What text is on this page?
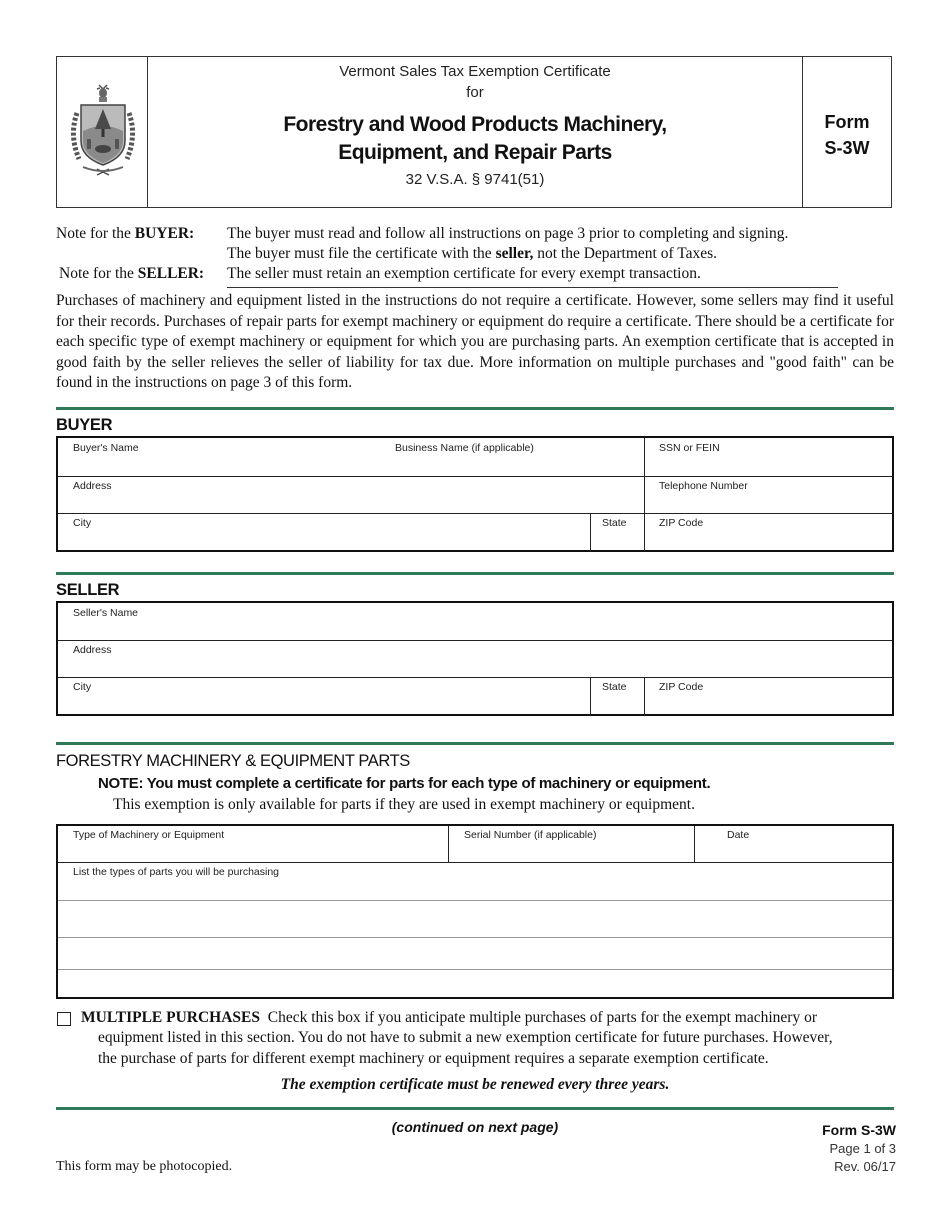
Vermont Sales Tax Exemption Certificate
for
Forestry and Wood Products Machinery,
Equipment, and Repair Parts
32 V.S.A. § 9741(51)
Form
S-3W
Note for the BUYER: The buyer must read and follow all instructions on page 3 prior to completing and signing.
The buyer must file the certificate with the seller, not the Department of Taxes.
Note for the SELLER: The seller must retain an exemption certificate for every exempt transaction.
Purchases of machinery and equipment listed in the instructions do not require a certificate. However, some sellers may find it useful for their records. Purchases of repair parts for exempt machinery or equipment do require a certificate. There should be a certificate for each specific type of exempt machinery or equipment for which you are purchasing parts. An exemption certificate that is accepted in good faith by the seller relieves the seller of liability for tax due. More information on multiple purchases and "good faith" can be found in the instructions on page 3 of this form.
BUYER
Buyer's Name	Business Name (if applicable)	SSN or FEIN
Address	Telephone Number
City	State	ZIP Code
SELLER
Seller's Name
Address
City	State	ZIP Code
FORESTRY MACHINERY & EQUIPMENT PARTS
NOTE: You must complete a certificate for parts for each type of machinery or equipment.
This exemption is only available for parts if they are used in exempt machinery or equipment.
Type of Machinery or Equipment	Serial Number (if applicable)	Date
List the types of parts you will be purchasing
MULTIPLE PURCHASES Check this box if you anticipate multiple purchases of parts for the exempt machinery or
equipment listed in this section. You do not have to submit a new exemption certificate for future purchases. However,
the purchase of parts for different exempt machinery or equipment requires a separate exemption certificate.
The exemption certificate must be renewed every three years.
(continued on next page)
This form may be photocopied.
Form S-3W
Page 1 of 3
Rev. 06/17
